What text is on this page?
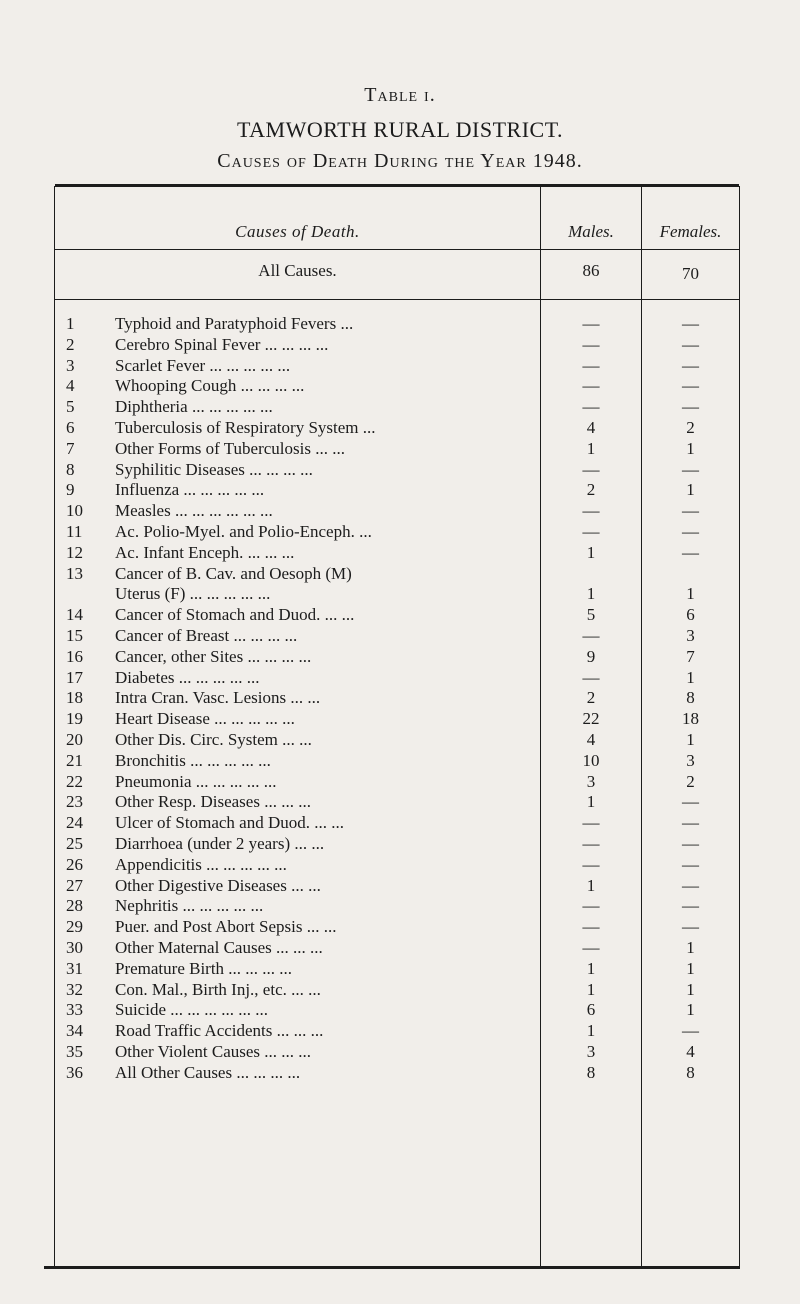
Table i.
TAMWORTH RURAL DISTRICT.
Causes of Death During the Year 1948.
Causes of Death.	Males.	Females.
All Causes.	86	70
1	Typhoid and Paratyphoid Fevers ...	—	—
2	Cerebro Spinal Fever ... ... ... ...	—	—
3	Scarlet Fever ... ... ... ... ...	—	—
4	Whooping Cough ... ... ... ...	—	—
5	Diphtheria ... ... ... ... ...	—	—
6	Tuberculosis of Respiratory System ...	4	2
7	Other Forms of Tuberculosis ... ...	1	1
8	Syphilitic Diseases ... ... ... ...	—	—
9	Influenza ... ... ... ... ...	2	1
10	Measles ... ... ... ... ... ...	—	—
11	Ac. Polio-Myel. and Polio-Enceph. ...	—	—
12	Ac. Infant Enceph. ... ... ...	1	—
13	Cancer of B. Cav. and Oesoph (M)
Uterus (F) ... ... ... ... ...	1	1
14	Cancer of Stomach and Duod. ... ...	5	6
15	Cancer of Breast ... ... ... ...	—	3
16	Cancer, other Sites ... ... ... ...	9	7
17	Diabetes ... ... ... ... ...	—	1
18	Intra Cran. Vasc. Lesions ... ...	2	8
19	Heart Disease ... ... ... ... ...	22	18
20	Other Dis. Circ. System ... ...	4	1
21	Bronchitis ... ... ... ... ...	10	3
22	Pneumonia ... ... ... ... ...	3	2
23	Other Resp. Diseases ... ... ...	1	—
24	Ulcer of Stomach and Duod. ... ...	—	—
25	Diarrhoea (under 2 years) ... ...	—	—
26	Appendicitis ... ... ... ... ...	—	—
27	Other Digestive Diseases ... ...	1	—
28	Nephritis ... ... ... ... ...	—	—
29	Puer. and Post Abort Sepsis ... ...	—	—
30	Other Maternal Causes ... ... ...	—	1
31	Premature Birth ... ... ... ...	1	1
32	Con. Mal., Birth Inj., etc. ... ...	1	1
33	Suicide ... ... ... ... ... ...	6	1
34	Road Traffic Accidents ... ... ...	1	—
35	Other Violent Causes ... ... ...	3	4
36	All Other Causes ... ... ... ...	8	8
